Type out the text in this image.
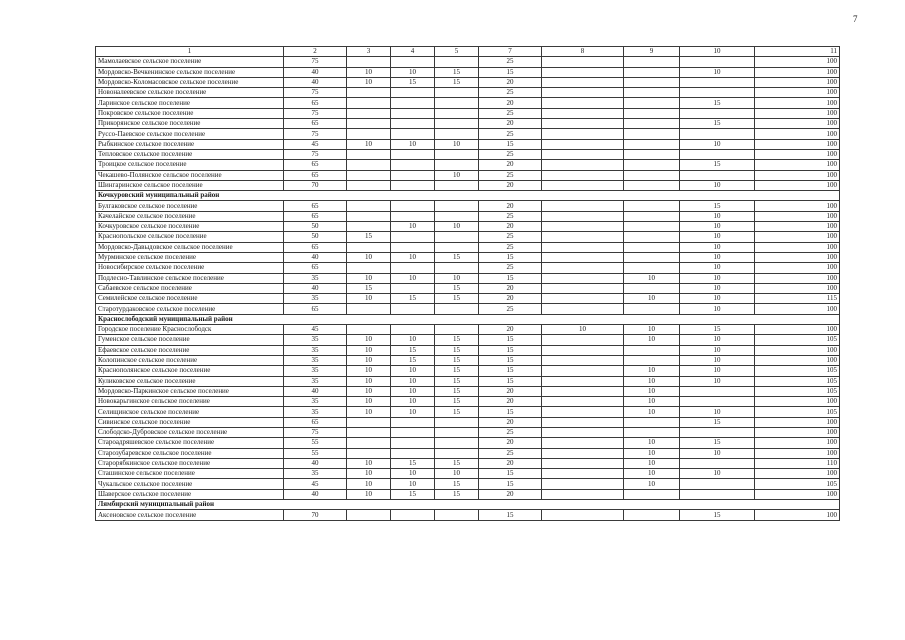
7
1	2	3	4	5	7	8	9	10	11
Мамолаевское сельское поселение	75				25				100
Мордовско-Вечкенинское сельское поселение	40	10	10	15	15			10	100
Мордовско-Коломасовское сельское поселение	40	10	15	15	20				100
Новоналеевское сельское поселение	75				25				100
Ларинское сельское поселение	65				20			15	100
Покровское сельское поселение	75				25				100
Прикорянское сельское поселение	65				20			15	100
Руссо-Паевское сельское поселение	75				25				100
Рыбкинское сельское поселение	45	10	10	10	15			10	100
Тепловское сельское поселение	75				25				100
Троицкое сельское поселение	65				20			15	100
Чекашево-Полянское сельское поселение	65			10	25				100
Шингаринское сельское поселение	70				20			10	100
Кочкуровский муниципальный район									
Булгаковское сельское поселение	65				20			15	100
Качелайское сельское поселение	65				25			10	100
Кочкуровское сельское поселение	50		10	10	20			10	100
Краснопольское сельское поселение	50	15			25			10	100
Мордовско-Давыдовское сельское поселение	65				25			10	100
Мурминское сельское поселение	40	10	10	15	15			10	100
Новосибирское сельское поселение	65				25			10	100
Подлесно-Тавлинское сельское поселение	35	10	10	10	15		10	10	100
Сабаевское сельское поселение	40	15		15	20			10	100
Семилейское сельское поселение	35	10	15	15	20		10	10	115
Старотурдаковское сельское поселение	65				25			10	100
Краснослободский муниципальный район									
Городское поселение Краснослободск	45				20	10	10	15	100
Гуменское сельское поселение	35	10	10	15	15		10	10	105
Ефаевское сельское поселение	35	10	15	15	15			10	100
Колопинское сельское поселение	35	10	15	15	15			10	100
Краснополянское сельское поселение	35	10	10	15	15		10	10	105
Куликовское сельское поселение	35	10	10	15	15		10	10	105
Мордовско-Паркинское сельское поселение	40	10	10	15	20		10		105
Новокарьгинское сельское поселение	35	10	10	15	20		10		100
Селищинское сельское поселение	35	10	10	15	15		10	10	105
Сивинское сельское поселение	65				20			15	100
Слободско-Дубровское сельское поселение	75				25				100
Староадряшевское сельское поселение	55				20		10	15	100
Старозубаревское сельское поселение	55				25		10	10	100
Старорябкинское сельское поселение	40	10	15	15	20		10		110
Сташинское сельское поселение	35	10	10	10	15		10	10	100
Чукальское сельское поселение	45	10	10	15	15		10		105
Шаверское сельское поселение	40	10	15	15	20				100
Лямбирский муниципальный район									
Аксеновское сельское поселение	70				15			15	100
